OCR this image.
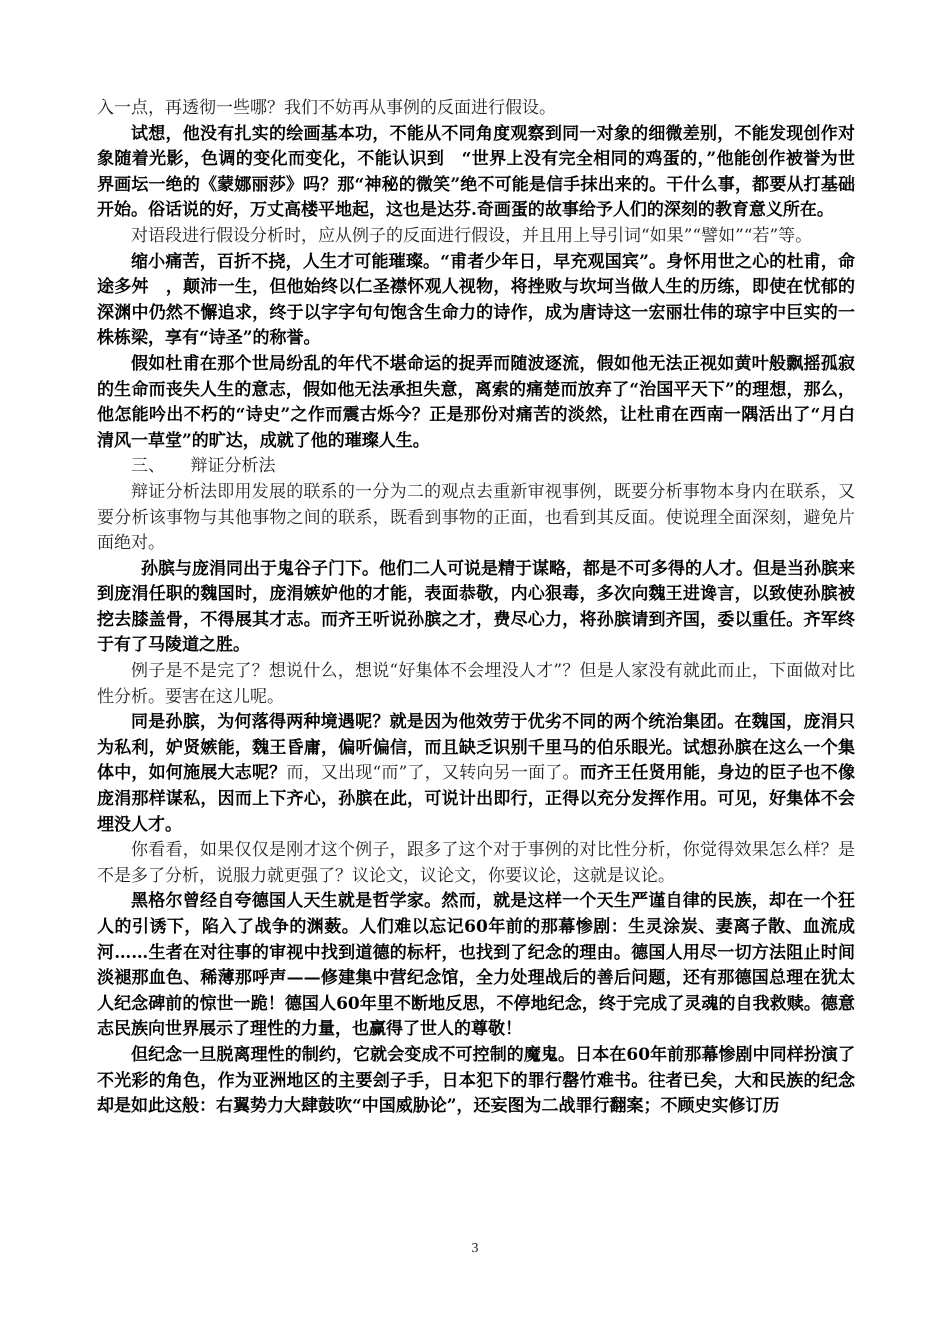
入一点，再透彻一些哪？我们不妨再从事例的反面进行假设。

试想，他没有扎实的绘画基本功，不能从不同角度观察到同一对象的细微差别，不能发现创作对象随着光影，色调的变化而变化，不能认识到　“世界上没有完全相同的鸡蛋的，”他能创作被誉为世界画坛一绝的《蒙娜丽莎》吗？那“神秘的微笑”绝不可能是信手抹出来的。干什么事，都要从打基础开始。俗话说的好，万丈高楼平地起，这也是达芬.奇画蛋的故事给予人们的深刻的教育意义所在。

对语段进行假设分析时，应从例子的反面进行假设，并且用上导引词“如果”“譬如”“若”等。

缩小痛苦，百折不挠，人生才可能璀璨。“甫者少年日，早充观国宾”。身怀用世之心的杜甫，命途多舛　，颠沛一生，但他始终以仁圣襟怀观人视物，将挫败与坎坷当做人生的历练，即使在忧郁的深渊中仍然不懈追求，终于以字字句句饱含生命力的诗作，成为唐诗这一宏丽壮伟的琼宇中巨实的一株栋梁，享有“诗圣”的称誉。

假如杜甫在那个世局纷乱的年代不堪命运的捉弄而随波逐流，假如他无法正视如黄叶般飘摇孤寂的生命而丧失人生的意志，假如他无法承担失意，离索的痛楚而放弃了“治国平天下”的理想，那么，他怎能吟出不朽的“诗史”之作而震古烁今？正是那份对痛苦的淡然，让杜甫在西南一隅活出了“月白清风一草堂”的旷达，成就了他的璀璨人生。

三、　　辩证分析法

辩证分析法即用发展的联系的一分为二的观点去重新审视事例，既要分析事物本身内在联系，又要分析该事物与其他事物之间的联系，既看到事物的正面，也看到其反面。使说理全面深刻，避免片面绝对。

孙膑与庞涓同出于鬼谷子门下。他们二人可说是精于谋略，都是不可多得的人才。但是当孙膑来到庞涓任职的魏国时，庞涓嫉妒他的才能，表面恭敬，内心狠毒，多次向魏王进谗言，以致使孙膑被挖去膝盖骨，不得展其才志。而齐王听说孙膑之才，费尽心力，将孙膑请到齐国，委以重任。齐军终于有了马陵道之胜。

例子是不是完了？想说什么，想说“好集体不会埋没人才”？但是人家没有就此而止，下面做对比性分析。要害在这儿呢。

同是孙膑，为何落得两种境遇呢？就是因为他效劳于优劣不同的两个统治集团。在魏国，庞涓只为私利，妒贤嫉能，魏王昏庸，偏听偏信，而且缺乏识别千里马的伯乐眼光。试想孙膑在这么一个集体中，如何施展大志呢？而，又出现“而”了，又转向另一面了。而齐王任贤用能，身边的臣子也不像庞涓那样谋私，因而上下齐心，孙膑在此，可说计出即行，正得以充分发挥作用。可见，好集体不会埋没人才。

你看看，如果仅仅是刚才这个例子，跟多了这个对于事例的对比性分析，你觉得效果怎么样？是不是多了分析，说服力就更强了？议论文，议论文，你要议论，这就是议论。

黑格尔曾经自夸德国人天生就是哲学家。然而，就是这样一个天生严谨自律的民族，却在一个狂人的引诱下，陷入了战争的渊薮。人们难以忘记60年前的那幕惨剧：生灵涂炭、妻离子散、血流成河……生者在对往事的审视中找到道德的标杆，也找到了纪念的理由。德国人用尽一切方法阻止时间淡褪那血色、稀薄那呼声——修建集中营纪念馆，全力处理战后的善后问题，还有那德国总理在犹太人纪念碑前的惊世一跪！德国人60年里不断地反思，不停地纪念，终于完成了灵魂的自我救赎。德意志民族向世界展示了理性的力量，也赢得了世人的尊敬！

但纪念一旦脱离理性的制约，它就会变成不可控制的魔鬼。日本在60年前那幕惨剧中同样扮演了不光彩的角色，作为亚洲地区的主要刽子手，日本犯下的罪行罄竹难书。往者已矣，大和民族的纪念却是如此这般：右翼势力大肆鼓吹“中国威胁论”，还妄图为二战罪行翻案；不顾史实修订历

3
